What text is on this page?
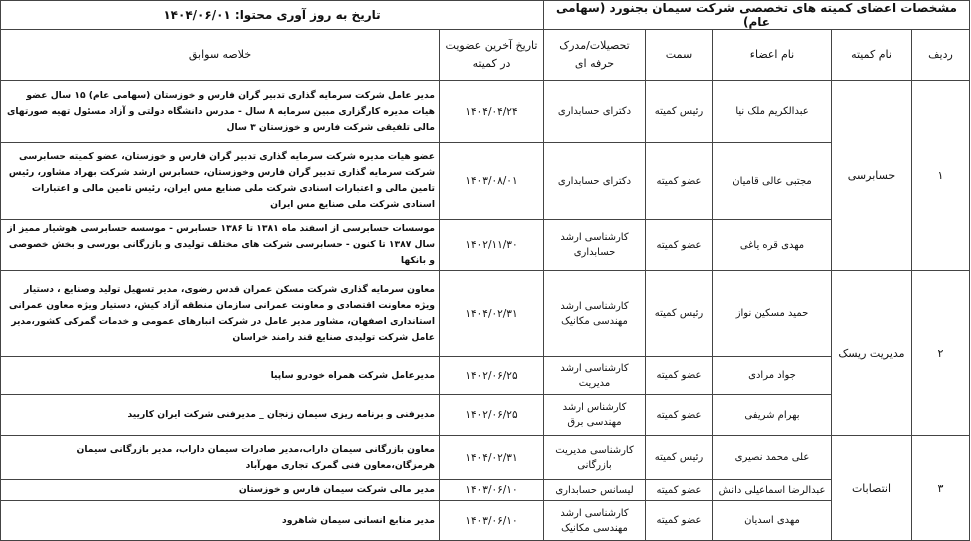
مشخصات اعضای کمیته های تخصصی شرکت سیمان بجنورد (سهامی عام)					تاریخ به روز آوری محتوا: ۱۴۰۴/۰۶/۰۱	
ردیف	نام کمیته	نام اعضاء	سمت	تحصیلات/مدرک حرفه ای	تاریخ آخرین عضویت در کمیته	خلاصه سوابق
۱	حسابرسی	عبدالکریم ملک نیا	رئیس کمیته	دکترای حسابداری	۱۴۰۴/۰۴/۲۴	مدیر عامل شرکت سرمایه گذاری تدبیر گران فارس و خوزستان (سهامی عام) ۱۵ سال عضو هیات مدیره کارگزاری مبین سرمایه ۸ سال - مدرس دانشگاه دولتی و آزاد مسئول تهیه صورتهای مالی تلفیقی شرکت فارس و خوزستان ۳ سال
		مجتبی عالی قامیان	عضو کمیته	دکترای حسابداری	۱۴۰۳/۰۸/۰۱	عضو هیات مدیره شرکت سرمایه گذاری تدبیر گران فارس و خوزستان، عضو کمیته حسابرسی شرکت سرمایه گذاری تدبیر گران فارس وخوزستان، حسابرس ارشد شرکت بهراد مشاور، رئیس تامین مالی و اعتبارات اسنادی شرکت ملی صنایع مس ایران، رئیس تامین مالی و اعتبارات اسنادی شرکت ملی صنایع مس ایران
		مهدی قره یاغی	عضو کمیته	کارشناسی ارشد حسابداری	۱۴۰۲/۱۱/۳۰	موسسات حسابرسی از اسفند ماه ۱۳۸۱ تا ۱۳۸۶ حسابرس - موسسه حسابرسی هوشیار ممیز از سال ۱۳۸۷ تا کنون - حسابرسی شرکت های مختلف تولیدی و بازرگانی بورسی و بخش خصوصی و بانکها
۲	مدیریت ریسک	حمید مسکین نواز	رئیس کمیته	کارشناسی ارشد مهندسی مکانیک	۱۴۰۴/۰۲/۳۱	معاون سرمایه گذاری شرکت مسکن عمران قدس رضوی، مدیر تسهیل تولید وصنایع ، دستیار ویژه معاونت اقتصادی و معاونت عمرانی سازمان منطقه آزاد کیش، دستیار ویژه معاون عمرانی استانداری اصفهان، مشاور مدیر عامل در شرکت انبارهای عمومی و خدمات گمرکی کشور،مدیر عامل شرکت تولیدی صنایع قند رامند خراسان
		جواد مرادی	عضو کمیته	کارشناسی ارشد مدیریت	۱۴۰۲/۰۶/۲۵	مدیرعامل شرکت همراه خودرو ساپیا
		بهرام شریفی	عضو کمیته	کارشناس ارشد مهندسی برق	۱۴۰۲/۰۶/۲۵	مدیرفنی و برنامه ریزی سیمان زنجان _ مدیرفنی شرکت ایران کاریید
۳	انتصابات	علی محمد نصیری	رئیس کمیته	کارشناسی مدیریت بازرگانی	۱۴۰۴/۰۲/۳۱	معاون بازرگانی سیمان داراب،مدیر صادرات سیمان داراب، مدیر بازرگانی سیمان هرمزگان،معاون فنی گمرک تجاری مهرآباد
		عبدالرضا اسماعیلی دانش	عضو کمیته	لیسانس حسابداری	۱۴۰۳/۰۶/۱۰	مدیر مالی شرکت سیمان فارس و خوزستان
		مهدی اسدیان	عضو کمیته	کارشناسی ارشد مهندسی مکانیک	۱۴۰۳/۰۶/۱۰	مدیر منابع انسانی سیمان شاهرود
